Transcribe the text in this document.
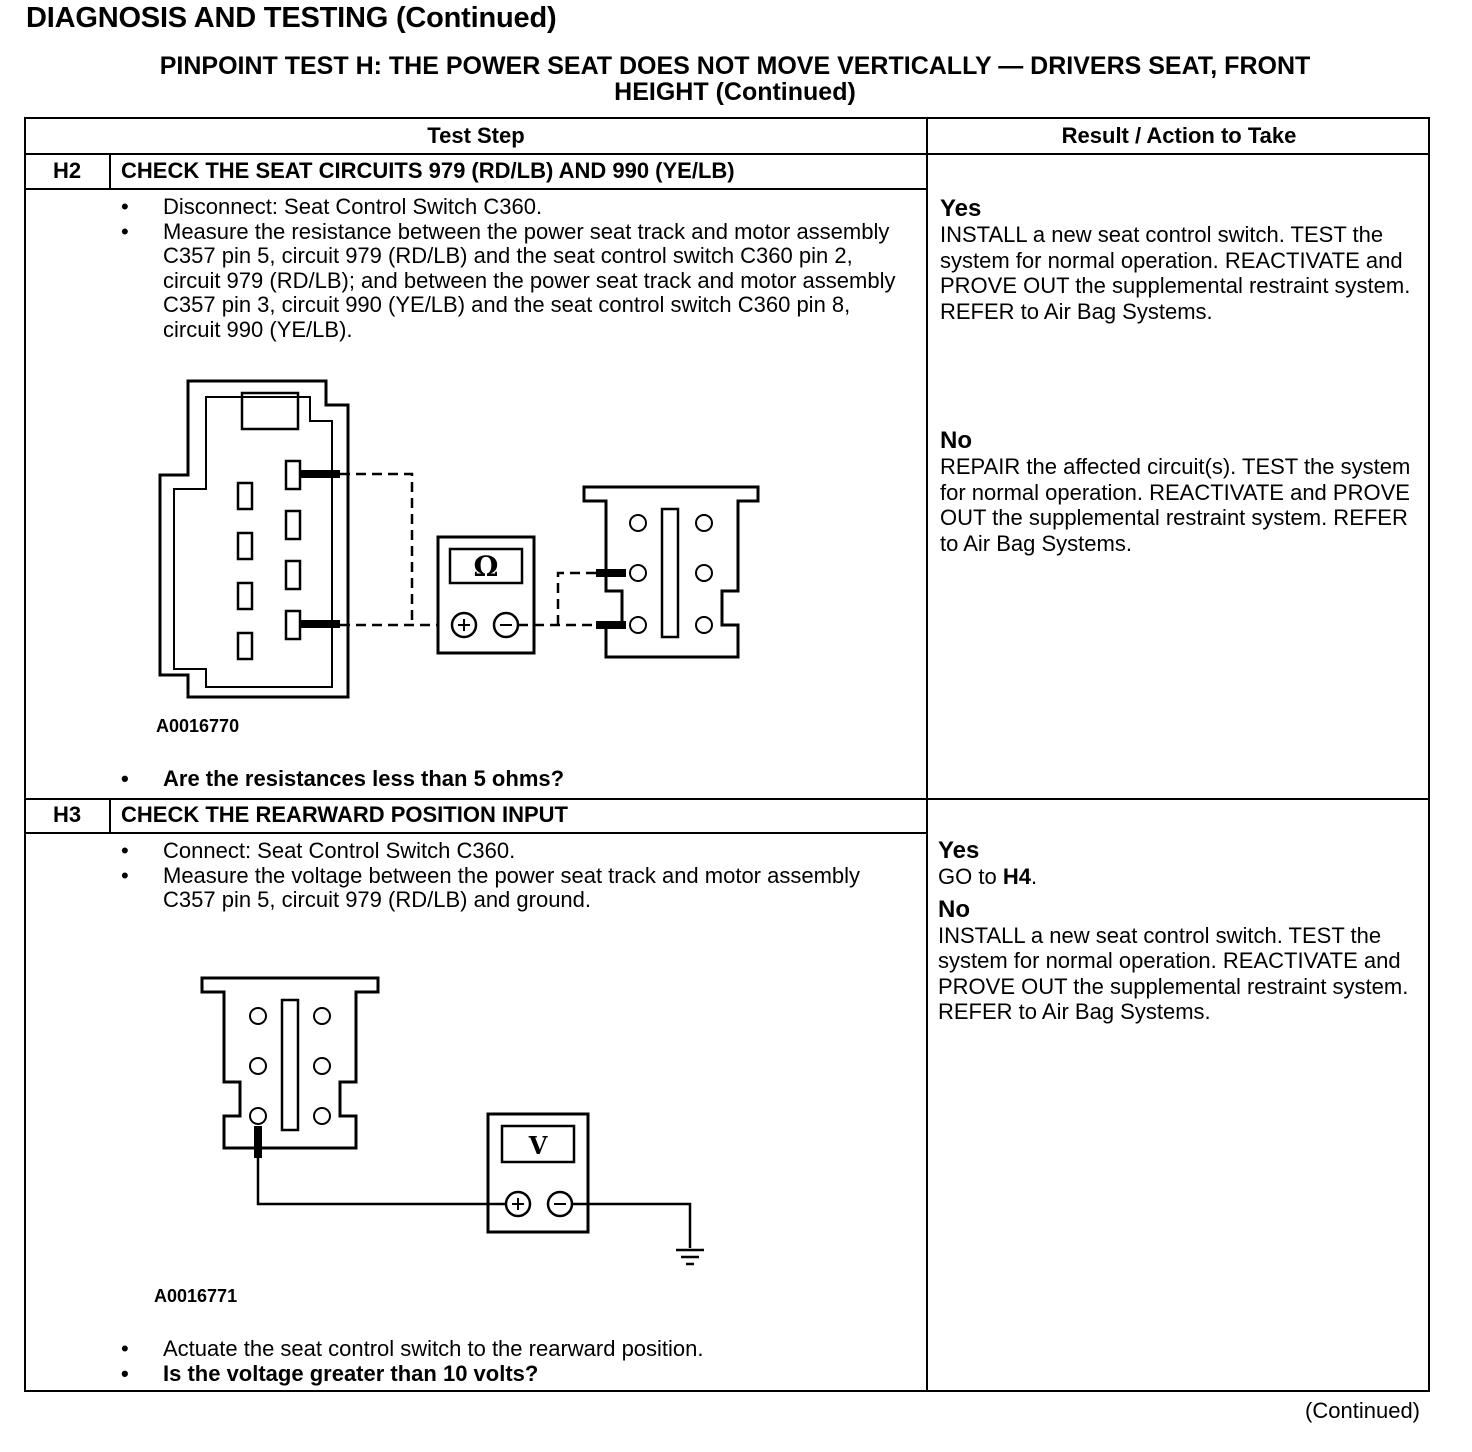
DIAGNOSIS AND TESTING (Continued)
PINPOINT TEST H: THE POWER SEAT DOES NOT MOVE VERTICALLY — DRIVERS SEAT, FRONT
HEIGHT (Continued)
Test Step	Result / Action to Take
H2	CHECK THE SEAT CIRCUITS 979 (RD/LB) AND 990 (YE/LB)
• Disconnect: Seat Control Switch C360.
• Measure the resistance between the power seat track and motor assembly C357 pin 5, circuit 979 (RD/LB) and the seat control switch C360 pin 2, circuit 979 (RD/LB); and between the power seat track and motor assembly C357 pin 3, circuit 990 (YE/LB) and the seat control switch C360 pin 8, circuit 990 (YE/LB).
A0016770
• Are the resistances less than 5 ohms?
Yes

INSTALL a new seat control switch. TEST the system for normal operation. REACTIVATE and PROVE OUT the supplemental restraint system. REFER to Air Bag Systems.

No

REPAIR the affected circuit(s). TEST the system for normal operation. REACTIVATE and PROVE OUT the supplemental restraint system. REFER to Air Bag Systems.

H3	CHECK THE REARWARD POSITION INPUT
• Connect: Seat Control Switch C360.
• Measure the voltage between the power seat track and motor assembly C357 pin 5, circuit 979 (RD/LB) and ground.
A0016771
• Actuate the seat control switch to the rearward position.
• Is the voltage greater than 10 volts?
Yes

GO to H4.

No

INSTALL a new seat control switch. TEST the system for normal operation. REACTIVATE and PROVE OUT the supplemental restraint system. REFER to Air Bag Systems.

Ω
V
(Continued)
